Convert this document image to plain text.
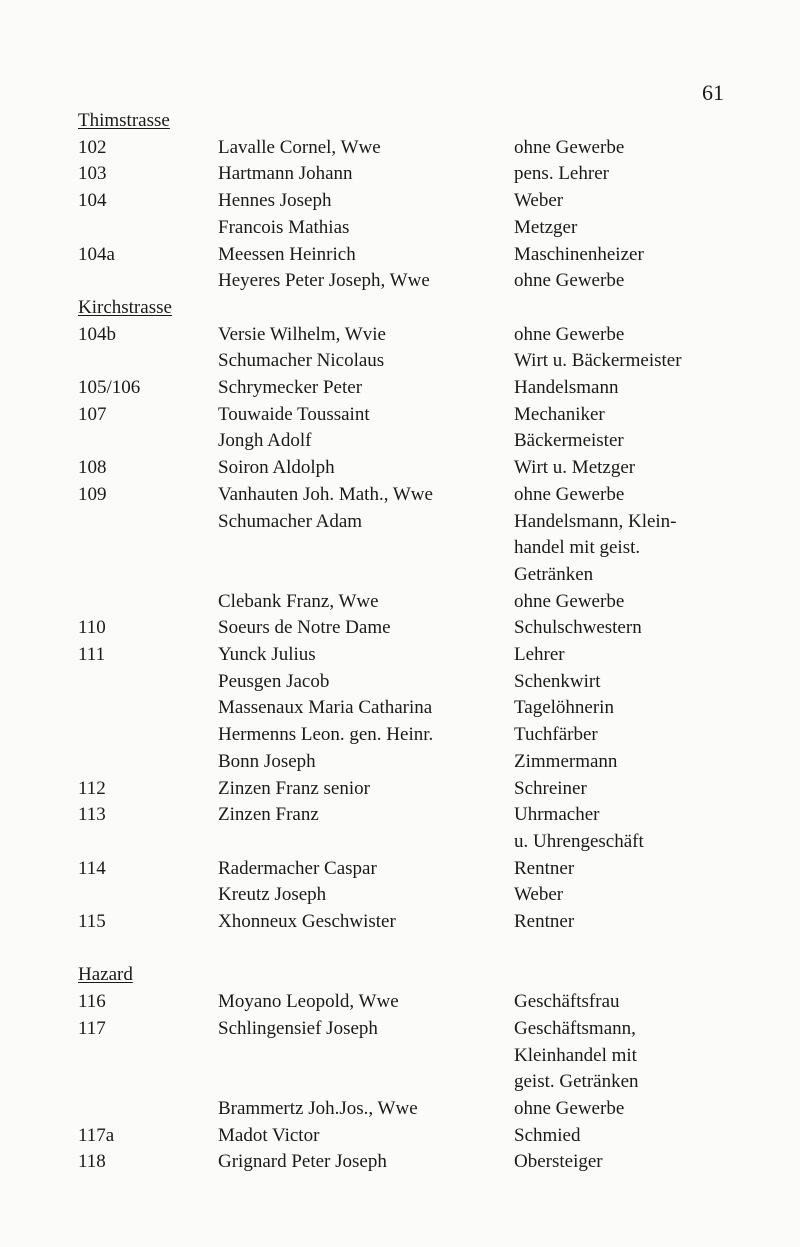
61
Thimstrasse
102	Lavalle Cornel, Wwe	ohne Gewerbe
103	Hartmann Johann	pens. Lehrer
104	Hennes Joseph	Weber
Francois Mathias	Metzger
104a	Meessen Heinrich	Maschinenheizer
Heyeres Peter Joseph, Wwe	ohne Gewerbe
Kirchstrasse
104b	Versie Wilhelm, Wvie	ohne Gewerbe
Schumacher Nicolaus	Wirt u. Bäckermeister
105/106	Schrymecker Peter	Handelsmann
107	Touwaide Toussaint	Mechaniker
Jongh Adolf	Bäckermeister
108	Soiron Aldolph	Wirt u. Metzger
109	Vanhauten Joh. Math., Wwe	ohne Gewerbe
Schumacher Adam	Handelsmann, Klein-
handel mit geist.
Getränken
Clebank Franz, Wwe	ohne Gewerbe
110	Soeurs de Notre Dame	Schulschwestern
111	Yunck Julius	Lehrer
Peusgen Jacob	Schenkwirt
Massenaux Maria Catharina	Tagelöhnerin
Hermenns Leon. gen. Heinr.	Tuchfärber
Bonn Joseph	Zimmermann
112	Zinzen Franz senior	Schreiner
113	Zinzen Franz	Uhrmacher
u. Uhrengeschäft
114	Radermacher Caspar	Rentner
Kreutz Joseph	Weber
115	Xhonneux Geschwister	Rentner
Hazard
116	Moyano Leopold, Wwe	Geschäftsfrau
117	Schlingensief Joseph	Geschäftsmann,
Kleinhandel mit
geist. Getränken
Brammertz Joh.Jos., Wwe	ohne Gewerbe
117a	Madot Victor	Schmied
118	Grignard Peter Joseph	Obersteiger
